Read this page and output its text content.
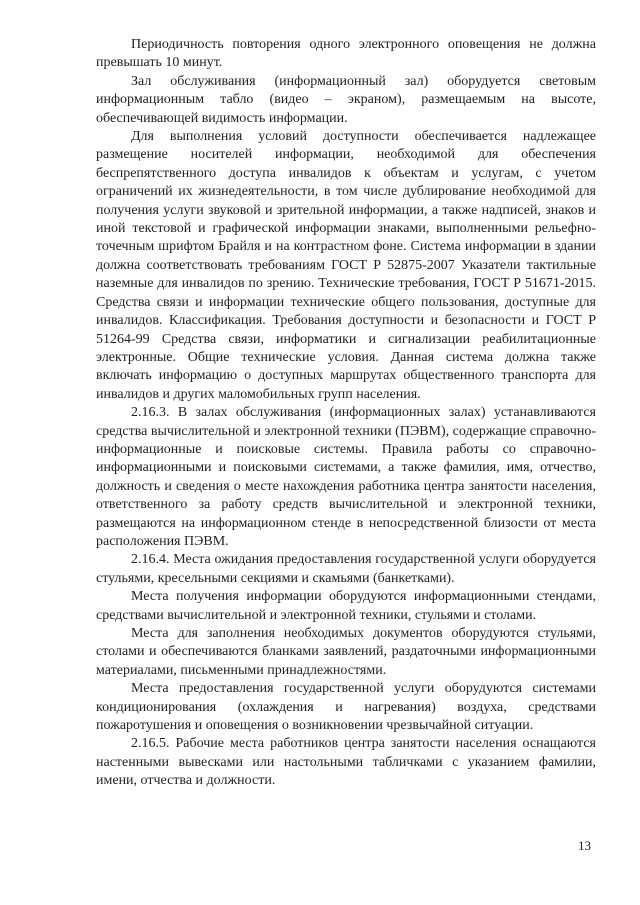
Периодичность повторения одного электронного оповещения не должна превышать 10 минут.

Зал обслуживания (информационный зал) оборудуется световым информационным табло (видео – экраном), размещаемым на высоте, обеспечивающей видимость информации.

Для выполнения условий доступности обеспечивается надлежащее размещение носителей информации, необходимой для обеспечения беспрепятственного доступа инвалидов к объектам и услугам, с учетом ограничений их жизнедеятельности, в том числе дублирование необходимой для получения услуги звуковой и зрительной информации, а также надписей, знаков и иной текстовой и графической информации знаками, выполненными рельефно-точечным шрифтом Брайля и на контрастном фоне. Система информации в здании должна соответствовать требованиям ГОСТ Р 52875-2007 Указатели тактильные наземные для инвалидов по зрению. Технические требования, ГОСТ Р 51671-2015. Средства связи и информации технические общего пользования, доступные для инвалидов. Классификация. Требования доступности и безопасности и ГОСТ Р 51264-99 Средства связи, информатики и сигнализации реабилитационные электронные. Общие технические условия. Данная система должна также включать информацию о доступных маршрутах общественного транспорта для инвалидов и других маломобильных групп населения.

2.16.3. В залах обслуживания (информационных залах) устанавливаются средства вычислительной и электронной техники (ПЭВМ), содержащие справочно-информационные и поисковые системы. Правила работы со справочно-информационными и поисковыми системами, а также фамилия, имя, отчество, должность и сведения о месте нахождения работника центра занятости населения, ответственного за работу средств вычислительной и электронной техники, размещаются на информационном стенде в непосредственной близости от места расположения ПЭВМ.

2.16.4. Места ожидания предоставления государственной услуги оборудуется стульями, кресельными секциями и скамьями (банкетками).

Места получения информации оборудуются информационными стендами, средствами вычислительной и электронной техники, стульями и столами.

Места для заполнения необходимых документов оборудуются стульями, столами и обеспечиваются бланками заявлений, раздаточными информационными материалами, письменными принадлежностями.

Места предоставления государственной услуги оборудуются системами кондиционирования (охлаждения и нагревания) воздуха, средствами пожаротушения и оповещения о возникновении чрезвычайной ситуации.

2.16.5. Рабочие места работников центра занятости населения оснащаются настенными вывесками или настольными табличками с указанием фамилии, имени, отчества и должности.

13
